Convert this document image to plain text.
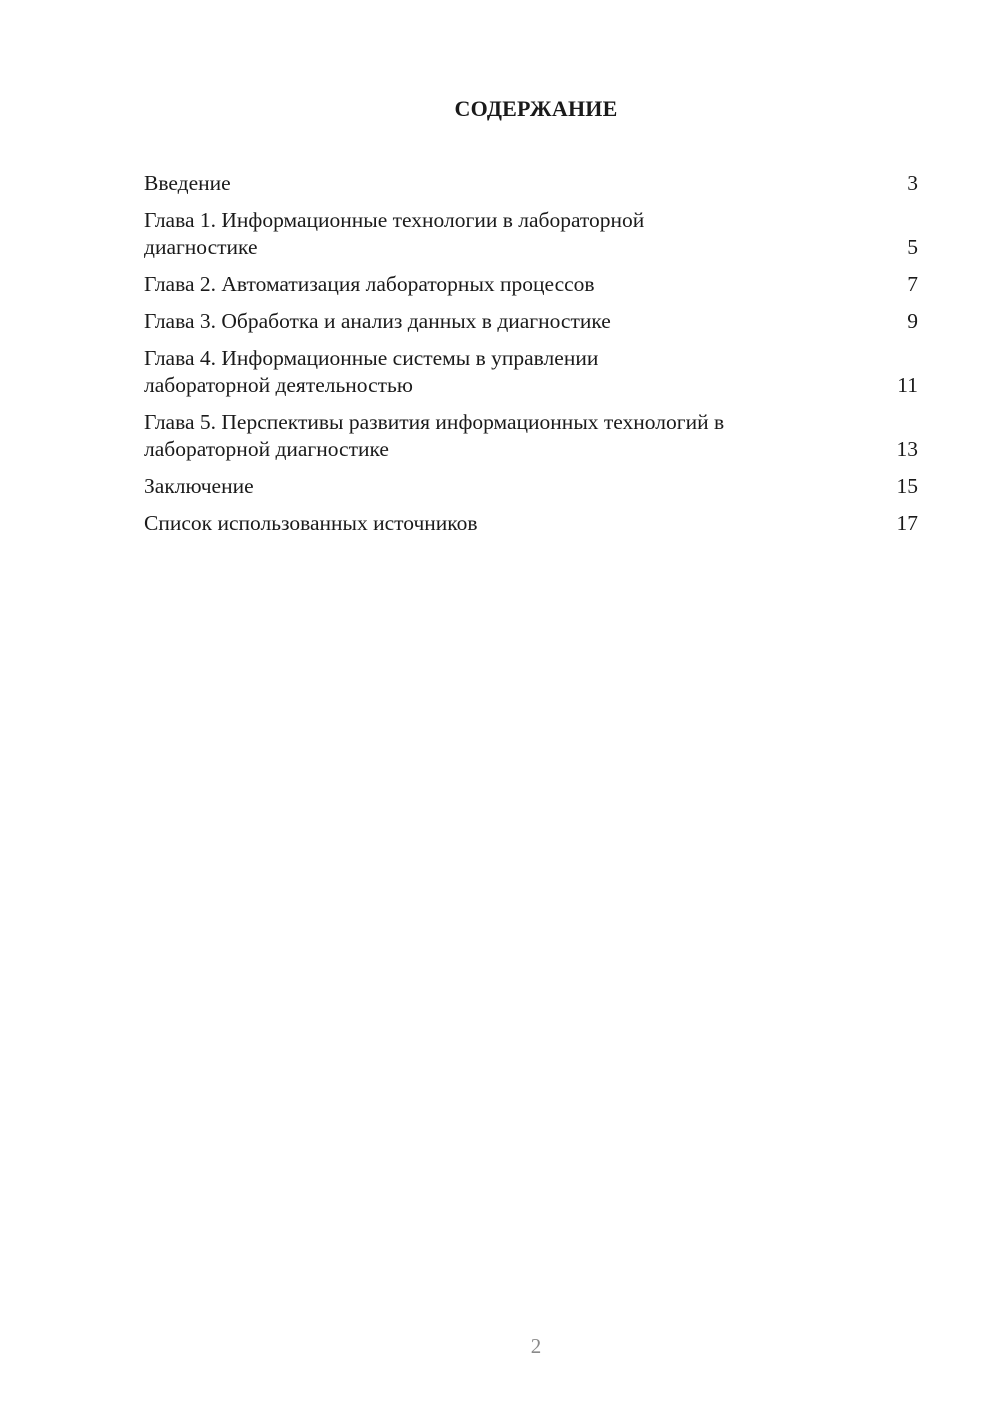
СОДЕРЖАНИЕ
Введение	3
Глава 1. Информационные технологии в лабораторной диагностике	5
Глава 2. Автоматизация лабораторных процессов	7
Глава 3. Обработка и анализ данных в диагностике	9
Глава 4. Информационные системы в управлении лабораторной деятельностью	11
Глава 5. Перспективы развития информационных технологий в лабораторной диагностике	13
Заключение	15
Список использованных источников	17
2
